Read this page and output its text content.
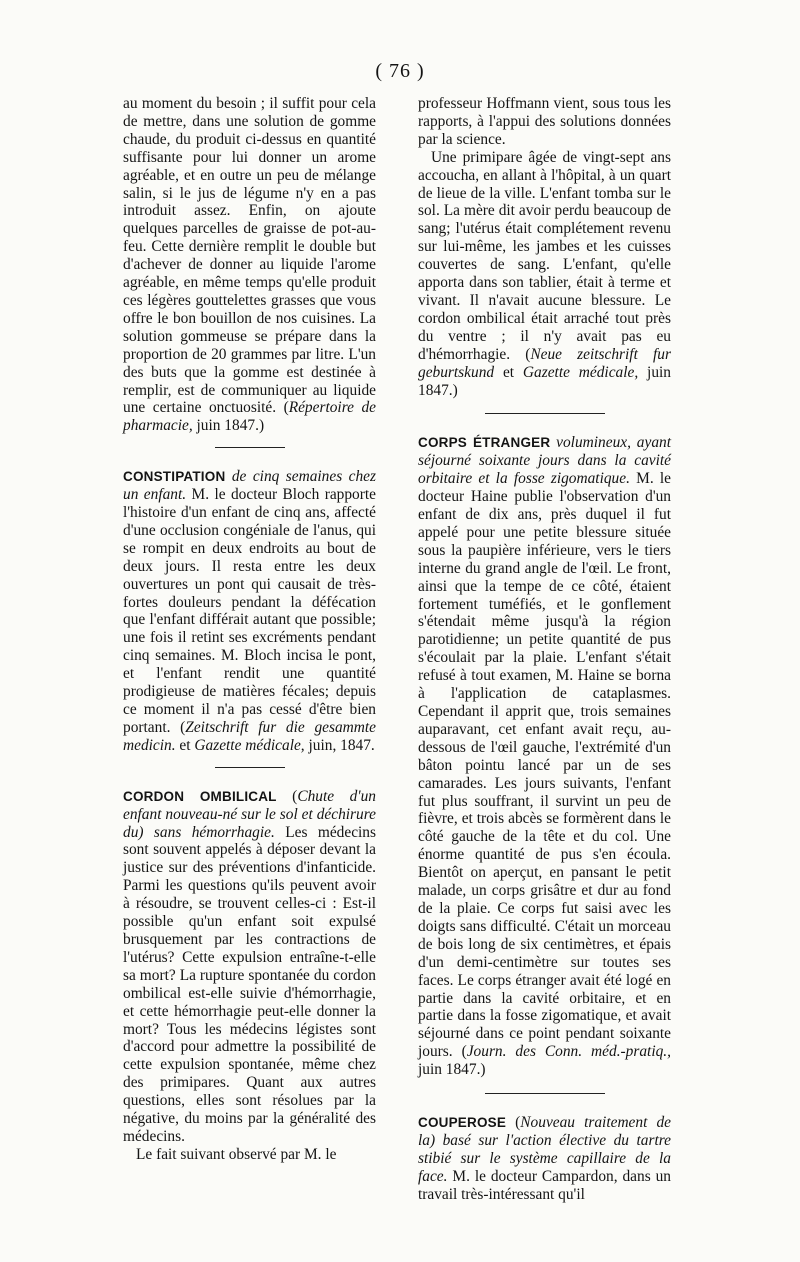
( 76 )

au moment du besoin ; il suffit pour cela de mettre, dans une solution de gomme chaude, du produit ci-dessus en quantité suffisante pour lui donner un arome agréable, et en outre un peu de mélange salin, si le jus de légume n'y en a pas introduit assez. Enfin, on ajoute quelques parcelles de graisse de pot-au-feu. Cette dernière remplit le double but d'achever de donner au liquide l'arome agréable, en même temps qu'elle produit ces légères gouttelettes grasses que vous offre le bon bouillon de nos cuisines. La solution gommeuse se prépare dans la proportion de 20 grammes par litre. L'un des buts que la gomme est destinée à remplir, est de communiquer au liquide une certaine onctuosité. (Répertoire de pharmacie, juin 1847.)

CONSTIPATION de cinq semaines chez un enfant. M. le docteur Bloch rapporte l'histoire d'un enfant de cinq ans, affecté d'une occlusion congéniale de l'anus, qui se rompit en deux endroits au bout de deux jours. Il resta entre les deux ouvertures un pont qui causait de très-fortes douleurs pendant la défécation que l'enfant différait autant que possible; une fois il retint ses excréments pendant cinq semaines. M. Bloch incisa le pont, et l'enfant rendit une quantité prodigieuse de matières fécales; depuis ce moment il n'a pas cessé d'être bien portant. (Zeitschrift fur die gesammte medicin. et Gazette médicale, juin, 1847.

CORDON OMBILICAL (Chute d'un enfant nouveau-né sur le sol et déchirure du) sans hémorrhagie. Les médecins sont souvent appelés à déposer devant la justice sur des préventions d'infanticide. Parmi les questions qu'ils peuvent avoir à résoudre, se trouvent celles-ci : Est-il possible qu'un enfant soit expulsé brusquement par les contractions de l'utérus? Cette expulsion entraîne-t-elle sa mort? La rupture spontanée du cordon ombilical est-elle suivie d'hémorrhagie, et cette hémorrhagie peut-elle donner la mort? Tous les médecins légistes sont d'accord pour admettre la possibilité de cette expulsion spontanée, même chez des primipares. Quant aux autres questions, elles sont résolues par la négative, du moins par la généralité des médecins.

Le fait suivant observé par M. le

professeur Hoffmann vient, sous tous les rapports, à l'appui des solutions données par la science.

Une primipare âgée de vingt-sept ans accoucha, en allant à l'hôpital, à un quart de lieue de la ville. L'enfant tomba sur le sol. La mère dit avoir perdu beaucoup de sang; l'utérus était complétement revenu sur lui-même, les jambes et les cuisses couvertes de sang. L'enfant, qu'elle apporta dans son tablier, était à terme et vivant. Il n'avait aucune blessure. Le cordon ombilical était arraché tout près du ventre ; il n'y avait pas eu d'hémorrhagie. (Neue zeitschrift fur geburtskund et Gazette médicale, juin 1847.)

CORPS ÉTRANGER volumineux, ayant séjourné soixante jours dans la cavité orbitaire et la fosse zigomatique. M. le docteur Haine publie l'observation d'un enfant de dix ans, près duquel il fut appelé pour une petite blessure située sous la paupière inférieure, vers le tiers interne du grand angle de l'œil. Le front, ainsi que la tempe de ce côté, étaient fortement tuméfiés, et le gonflement s'étendait même jusqu'à la région parotidienne; un petite quantité de pus s'écoulait par la plaie. L'enfant s'était refusé à tout examen, M. Haine se borna à l'application de cataplasmes. Cependant il apprit que, trois semaines auparavant, cet enfant avait reçu, au-dessous de l'œil gauche, l'extrémité d'un bâton pointu lancé par un de ses camarades. Les jours suivants, l'enfant fut plus souffrant, il survint un peu de fièvre, et trois abcès se formèrent dans le côté gauche de la tête et du col. Une énorme quantité de pus s'en écoula. Bientôt on aperçut, en pansant le petit malade, un corps grisâtre et dur au fond de la plaie. Ce corps fut saisi avec les doigts sans difficulté. C'était un morceau de bois long de six centimètres, et épais d'un demi-centimètre sur toutes ses faces. Le corps étranger avait été logé en partie dans la cavité orbitaire, et en partie dans la fosse zigomatique, et avait séjourné dans ce point pendant soixante jours. (Journ. des Conn. méd.-pratiq., juin 1847.)

COUPEROSE (Nouveau traitement de la) basé sur l'action élective du tartre stibié sur le système capillaire de la face. M. le docteur Campardon, dans un travail très-intéressant qu'il
